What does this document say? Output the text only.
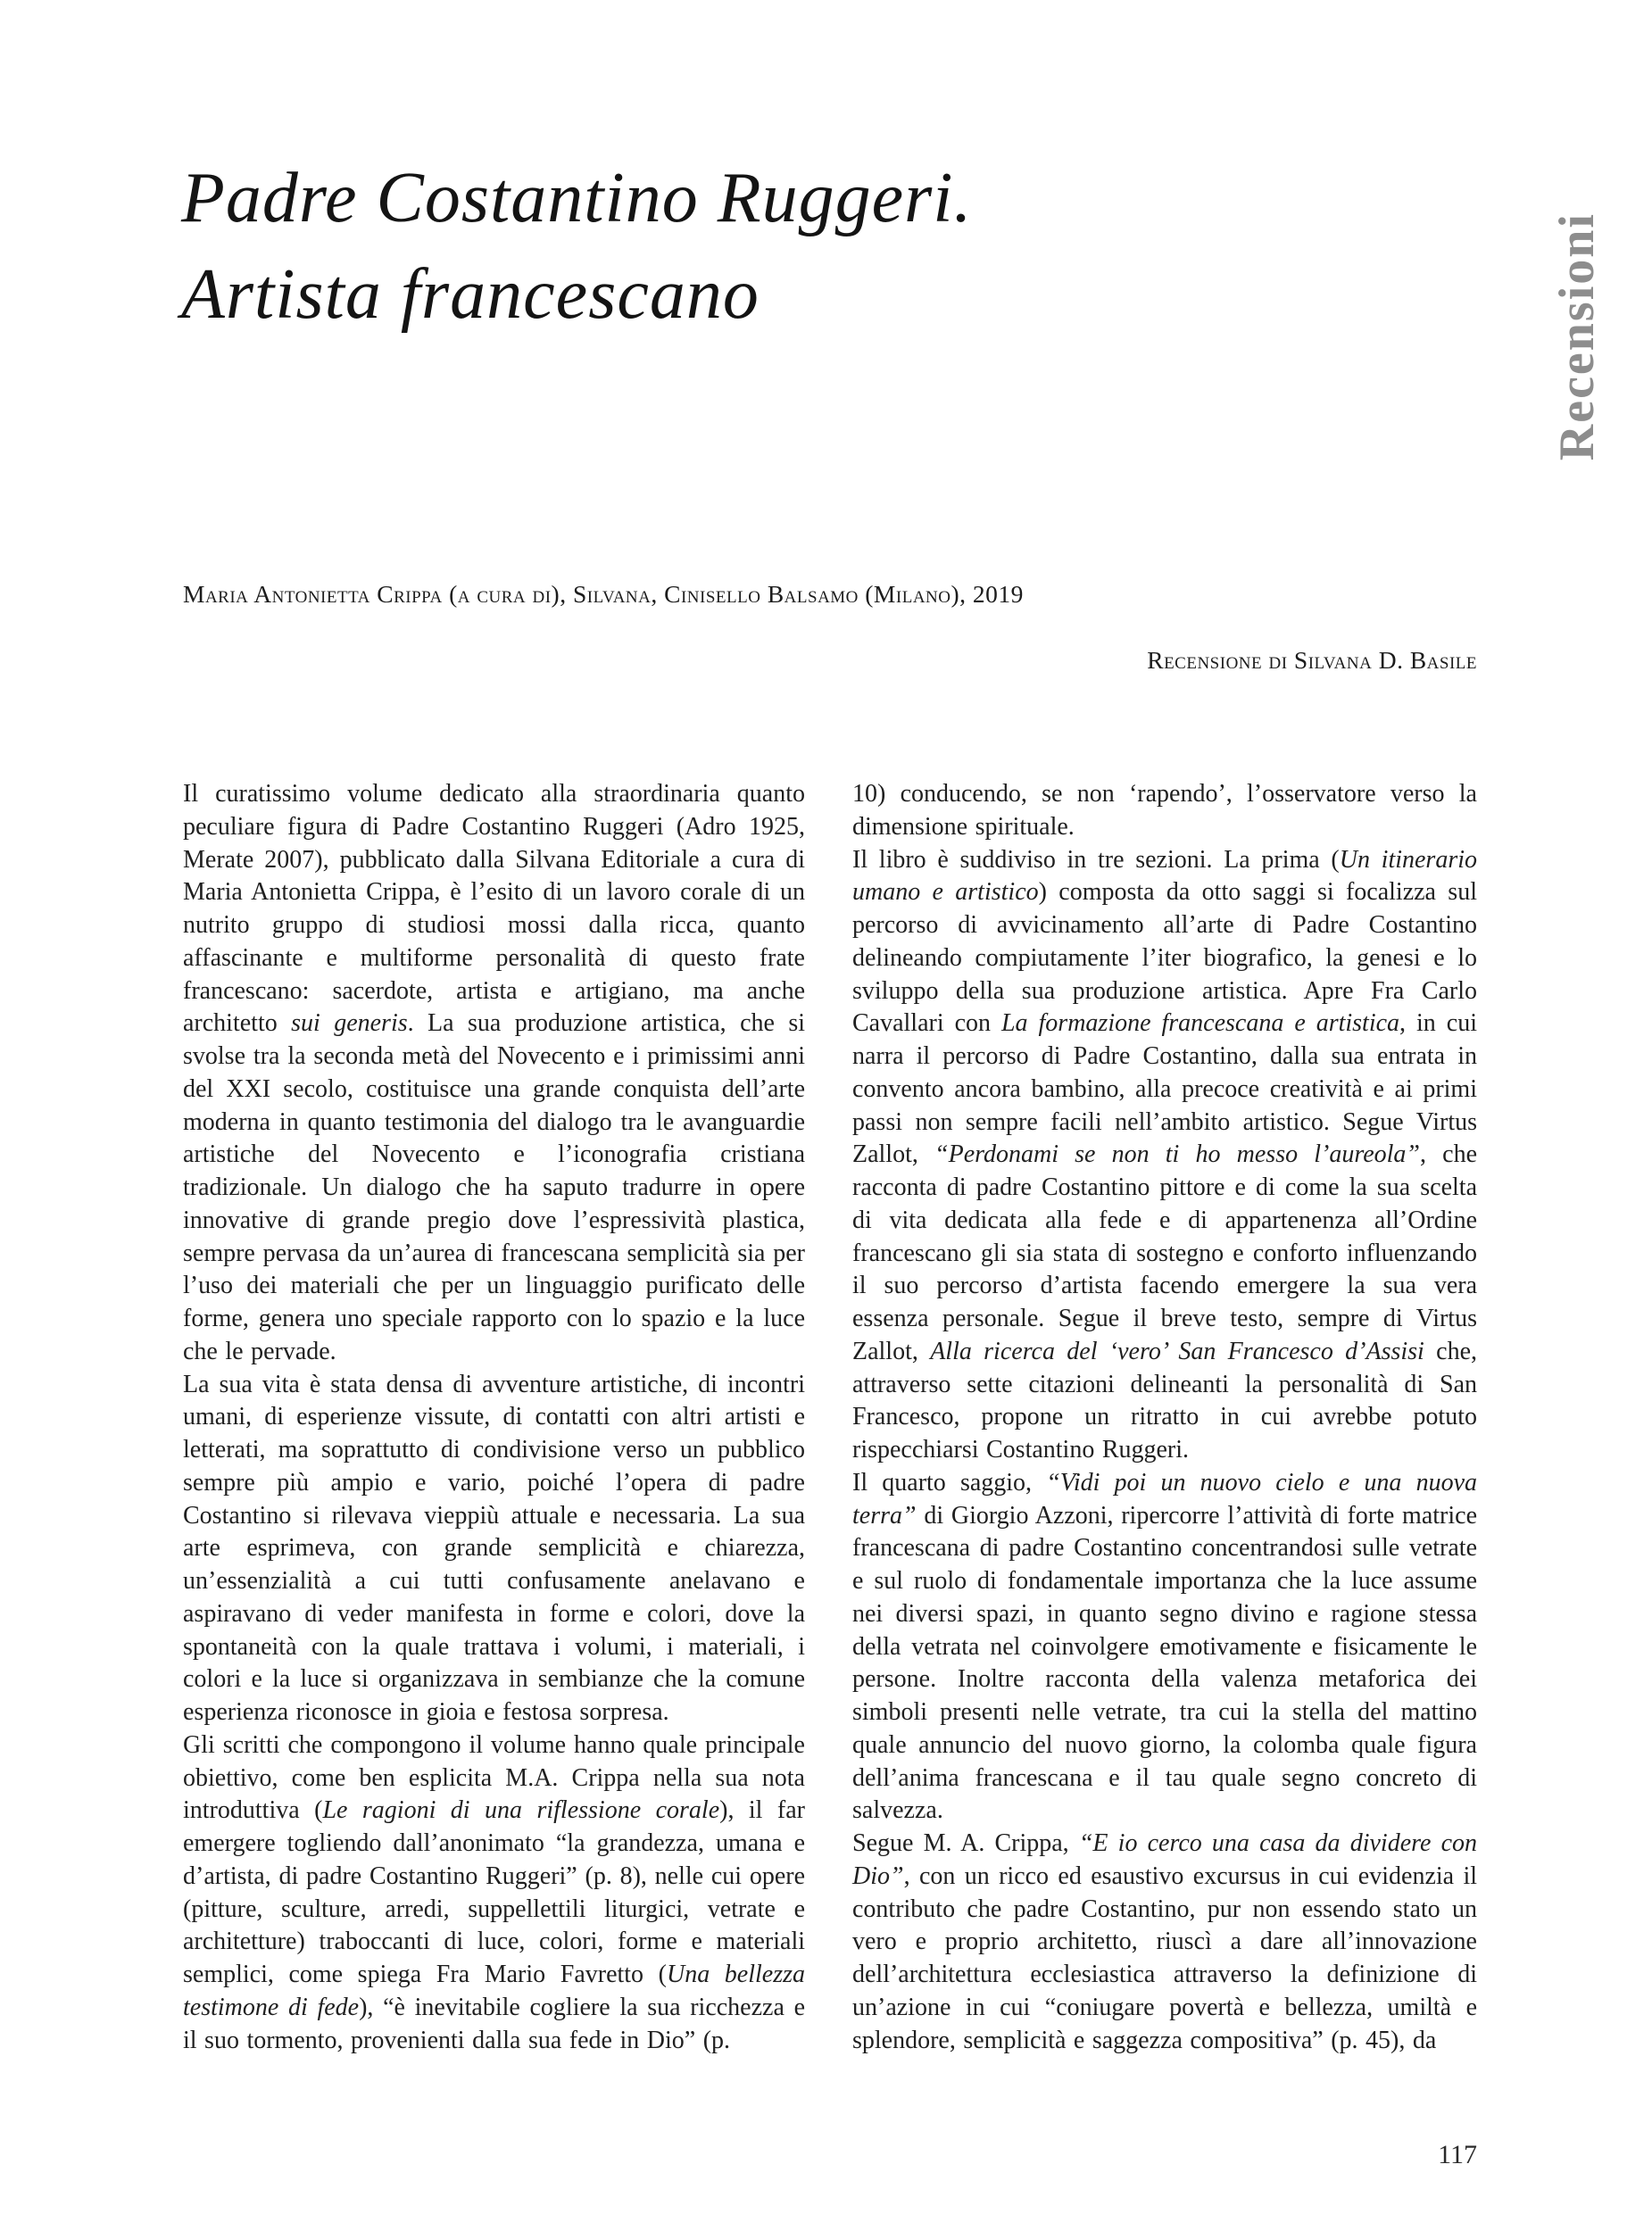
Padre Costantino Ruggeri.
Artista francescano	Recensioni
Maria Antonietta Crippa (a cura di), Silvana, Cinisello Balsamo (Milano), 2019
Recensione di Silvana D. Basile

Il curatissimo volume dedicato alla straordinaria quanto peculiare figura di Padre Costantino Ruggeri (Adro 1925, Merate 2007), pubblicato dalla Silvana Editoriale a cura di Maria Antonietta Crippa, è l’esito di un lavoro corale di un nutrito gruppo di studiosi mossi dalla ricca, quanto affascinante e multiforme personalità di questo frate francescano: sacerdote, artista e artigiano, ma anche architetto sui generis. La sua produzione artistica, che si svolse tra la seconda metà del Novecento e i primissimi anni del XXI secolo, costituisce una grande conquista dell’arte moderna in quanto testimonia del dialogo tra le avanguardie artistiche del Novecento e l’iconografia cristiana tradizionale. Un dialogo che ha saputo tradurre in opere innovative di grande pregio dove l’espressività plastica, sempre pervasa da un’aurea di francescana semplicità sia per l’uso dei materiali che per un linguaggio purificato delle forme, genera uno speciale rapporto con lo spazio e la luce che le pervade.

La sua vita è stata densa di avventure artistiche, di incontri umani, di esperienze vissute, di contatti con altri artisti e letterati, ma soprattutto di condivisione verso un pubblico sempre più ampio e vario, poiché l’opera di padre Costantino si rilevava vieppiù attuale e necessaria. La sua arte esprimeva, con grande semplicità e chiarezza, un’essenzialità a cui tutti confusamente anelavano e aspiravano di veder manifesta in forme e colori, dove la spontaneità con la quale trattava i volumi, i materiali, i colori e la luce si organizzava in sembianze che la comune esperienza riconosce in gioia e festosa sorpresa.

Gli scritti che compongono il volume hanno quale principale obiettivo, come ben esplicita M.A. Crippa nella sua nota introduttiva (Le ragioni di una riflessione corale), il far emergere togliendo dall’anonimato “la grandezza, umana e d’artista, di padre Costantino Ruggeri” (p. 8), nelle cui opere (pitture, sculture, arredi, suppellettili liturgici, vetrate e architetture) traboccanti di luce, colori, forme e materiali semplici, come spiega Fra Mario Favretto (Una bellezza testimone di fede), “è inevitabile cogliere la sua ricchezza e il suo tormento, provenienti dalla sua fede in Dio” (p.

10) conducendo, se non ‘rapendo’, l’osservatore verso la dimensione spirituale.

Il libro è suddiviso in tre sezioni. La prima (Un itinerario umano e artistico) composta da otto saggi si focalizza sul percorso di avvicinamento all’arte di Padre Costantino delineando compiutamente l’iter biografico, la genesi e lo sviluppo della sua produzione artistica. Apre Fra Carlo Cavallari con La formazione francescana e artistica, in cui narra il percorso di Padre Costantino, dalla sua entrata in convento ancora bambino, alla precoce creatività e ai primi passi non sempre facili nell’ambito artistico. Segue Virtus Zallot, “Perdonami se non ti ho messo l’aureola”, che racconta di padre Costantino pittore e di come la sua scelta di vita dedicata alla fede e di appartenenza all’Ordine francescano gli sia stata di sostegno e conforto influenzando il suo percorso d’artista facendo emergere la sua vera essenza personale. Segue il breve testo, sempre di Virtus Zallot, Alla ricerca del ‘vero’ San Francesco d’Assisi che, attraverso sette citazioni delineanti la personalità di San Francesco, propone un ritratto in cui avrebbe potuto rispecchiarsi Costantino Ruggeri.

Il quarto saggio, “Vidi poi un nuovo cielo e una nuova terra” di Giorgio Azzoni, ripercorre l’attività di forte matrice francescana di padre Costantino concentrandosi sulle vetrate e sul ruolo di fondamentale importanza che la luce assume nei diversi spazi, in quanto segno divino e ragione stessa della vetrata nel coinvolgere emotivamente e fisicamente le persone. Inoltre racconta della valenza metaforica dei simboli presenti nelle vetrate, tra cui la stella del mattino quale annuncio del nuovo giorno, la colomba quale figura dell’anima francescana e il tau quale segno concreto di salvezza.

Segue M. A. Crippa, “E io cerco una casa da dividere con Dio”, con un ricco ed esaustivo excursus in cui evidenzia il contributo che padre Costantino, pur non essendo stato un vero e proprio architetto, riuscì a dare all’innovazione dell’architettura ecclesiastica attraverso la definizione di un’azione in cui “coniugare povertà e bellezza, umiltà e splendore, semplicità e saggezza compositiva” (p. 45), da

117
